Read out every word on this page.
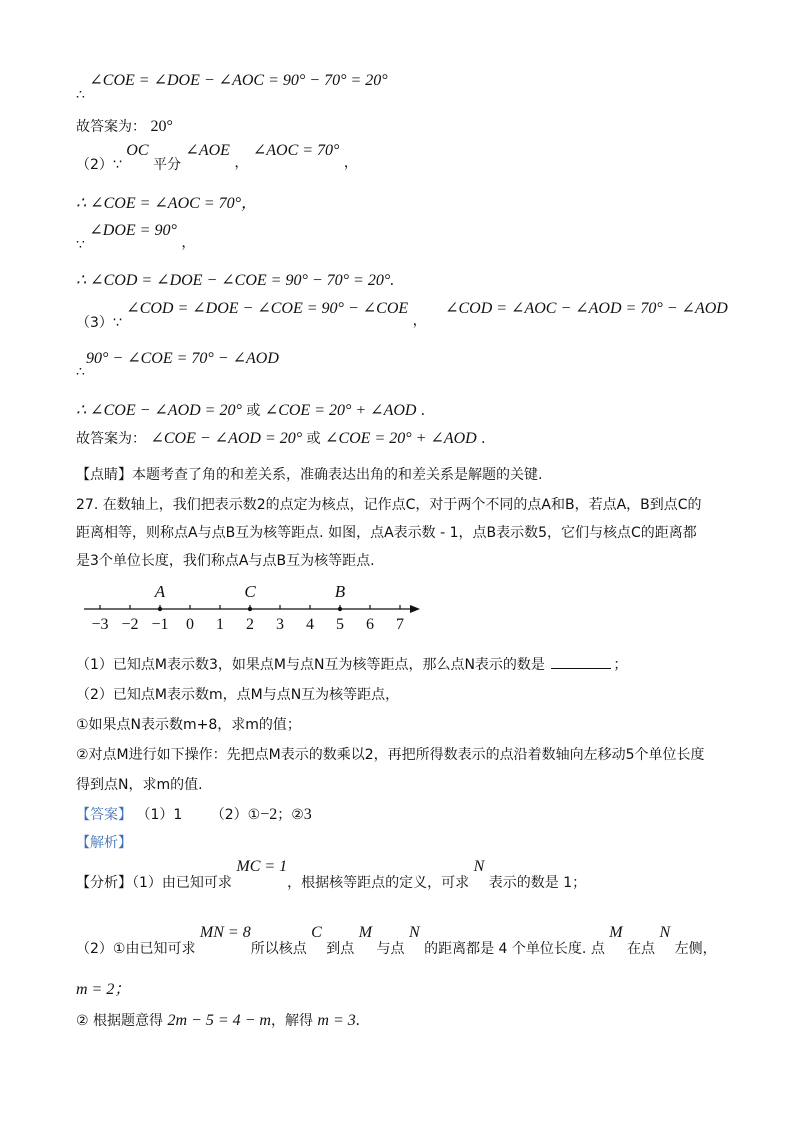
∴ ∠COE = ∠DOE − ∠AOC = 90° − 70° = 20°
故答案为： 20°
（2）∵ OC 平分 ∠AOE ， ∠AOC = 70° ，
∴ ∠COE = ∠AOC = 70°，
∵ ∠DOE = 90° ，
∴ ∠COD = ∠DOE − ∠COE = 90° − 70° = 20°.
（3）∵ ∠COD = ∠DOE − ∠COE = 90° − ∠COE ， ∠COD = ∠AOC − ∠AOD = 70° − ∠AOD
90° − ∠COE = 70° − ∠AOD
∴
∴ ∠COE − ∠AOD = 20° 或 ∠COE = 20° + ∠AOD .
故答案为： ∠COE − ∠AOD = 20° 或 ∠COE = 20° + ∠AOD .
【点睛】本题考查了角的和差关系，准确表达出角的和差关系是解题的关键.
27. 在数轴上，我们把表示数2的点定为核点，记作点C，对于两个不同的点A和B，若点A，B到点C的
距离相等，则称点A与点B互为核等距点. 如图，点A表示数 - 1，点B表示数5，它们与核点C的距离都
是3个单位长度，我们称点A与点B互为核等距点.
−3 −2 −1 0 1 2 3 4 5 6 7
A	C	B
（1）已知点M表示数3，如果点M与点N互为核等距点，那么点N表示的数是	；
（2）已知点M表示数m，点M与点N互为核等距点，
①如果点N表示数m+8，求m的值；
②对点M进行如下操作：先把点M表示的数乘以2，再把所得数表示的点沿着数轴向左移动5个单位长度
得到点N，求m的值.
【答案】 （1）1 （2）①−2；②3
【解析】
【分析】（1）由已知可求 MC = 1，根据核等距点的定义，可求 N 表示的数是 1；
（2）①由已知可求 MN = 8所以核点 C 到点 M 与点 N 的距离都是 4 个单位长度. 点 M 在点 N 左侧，
m = 2；
② 根据题意得 2m − 5 = 4 − m，解得 m = 3.
